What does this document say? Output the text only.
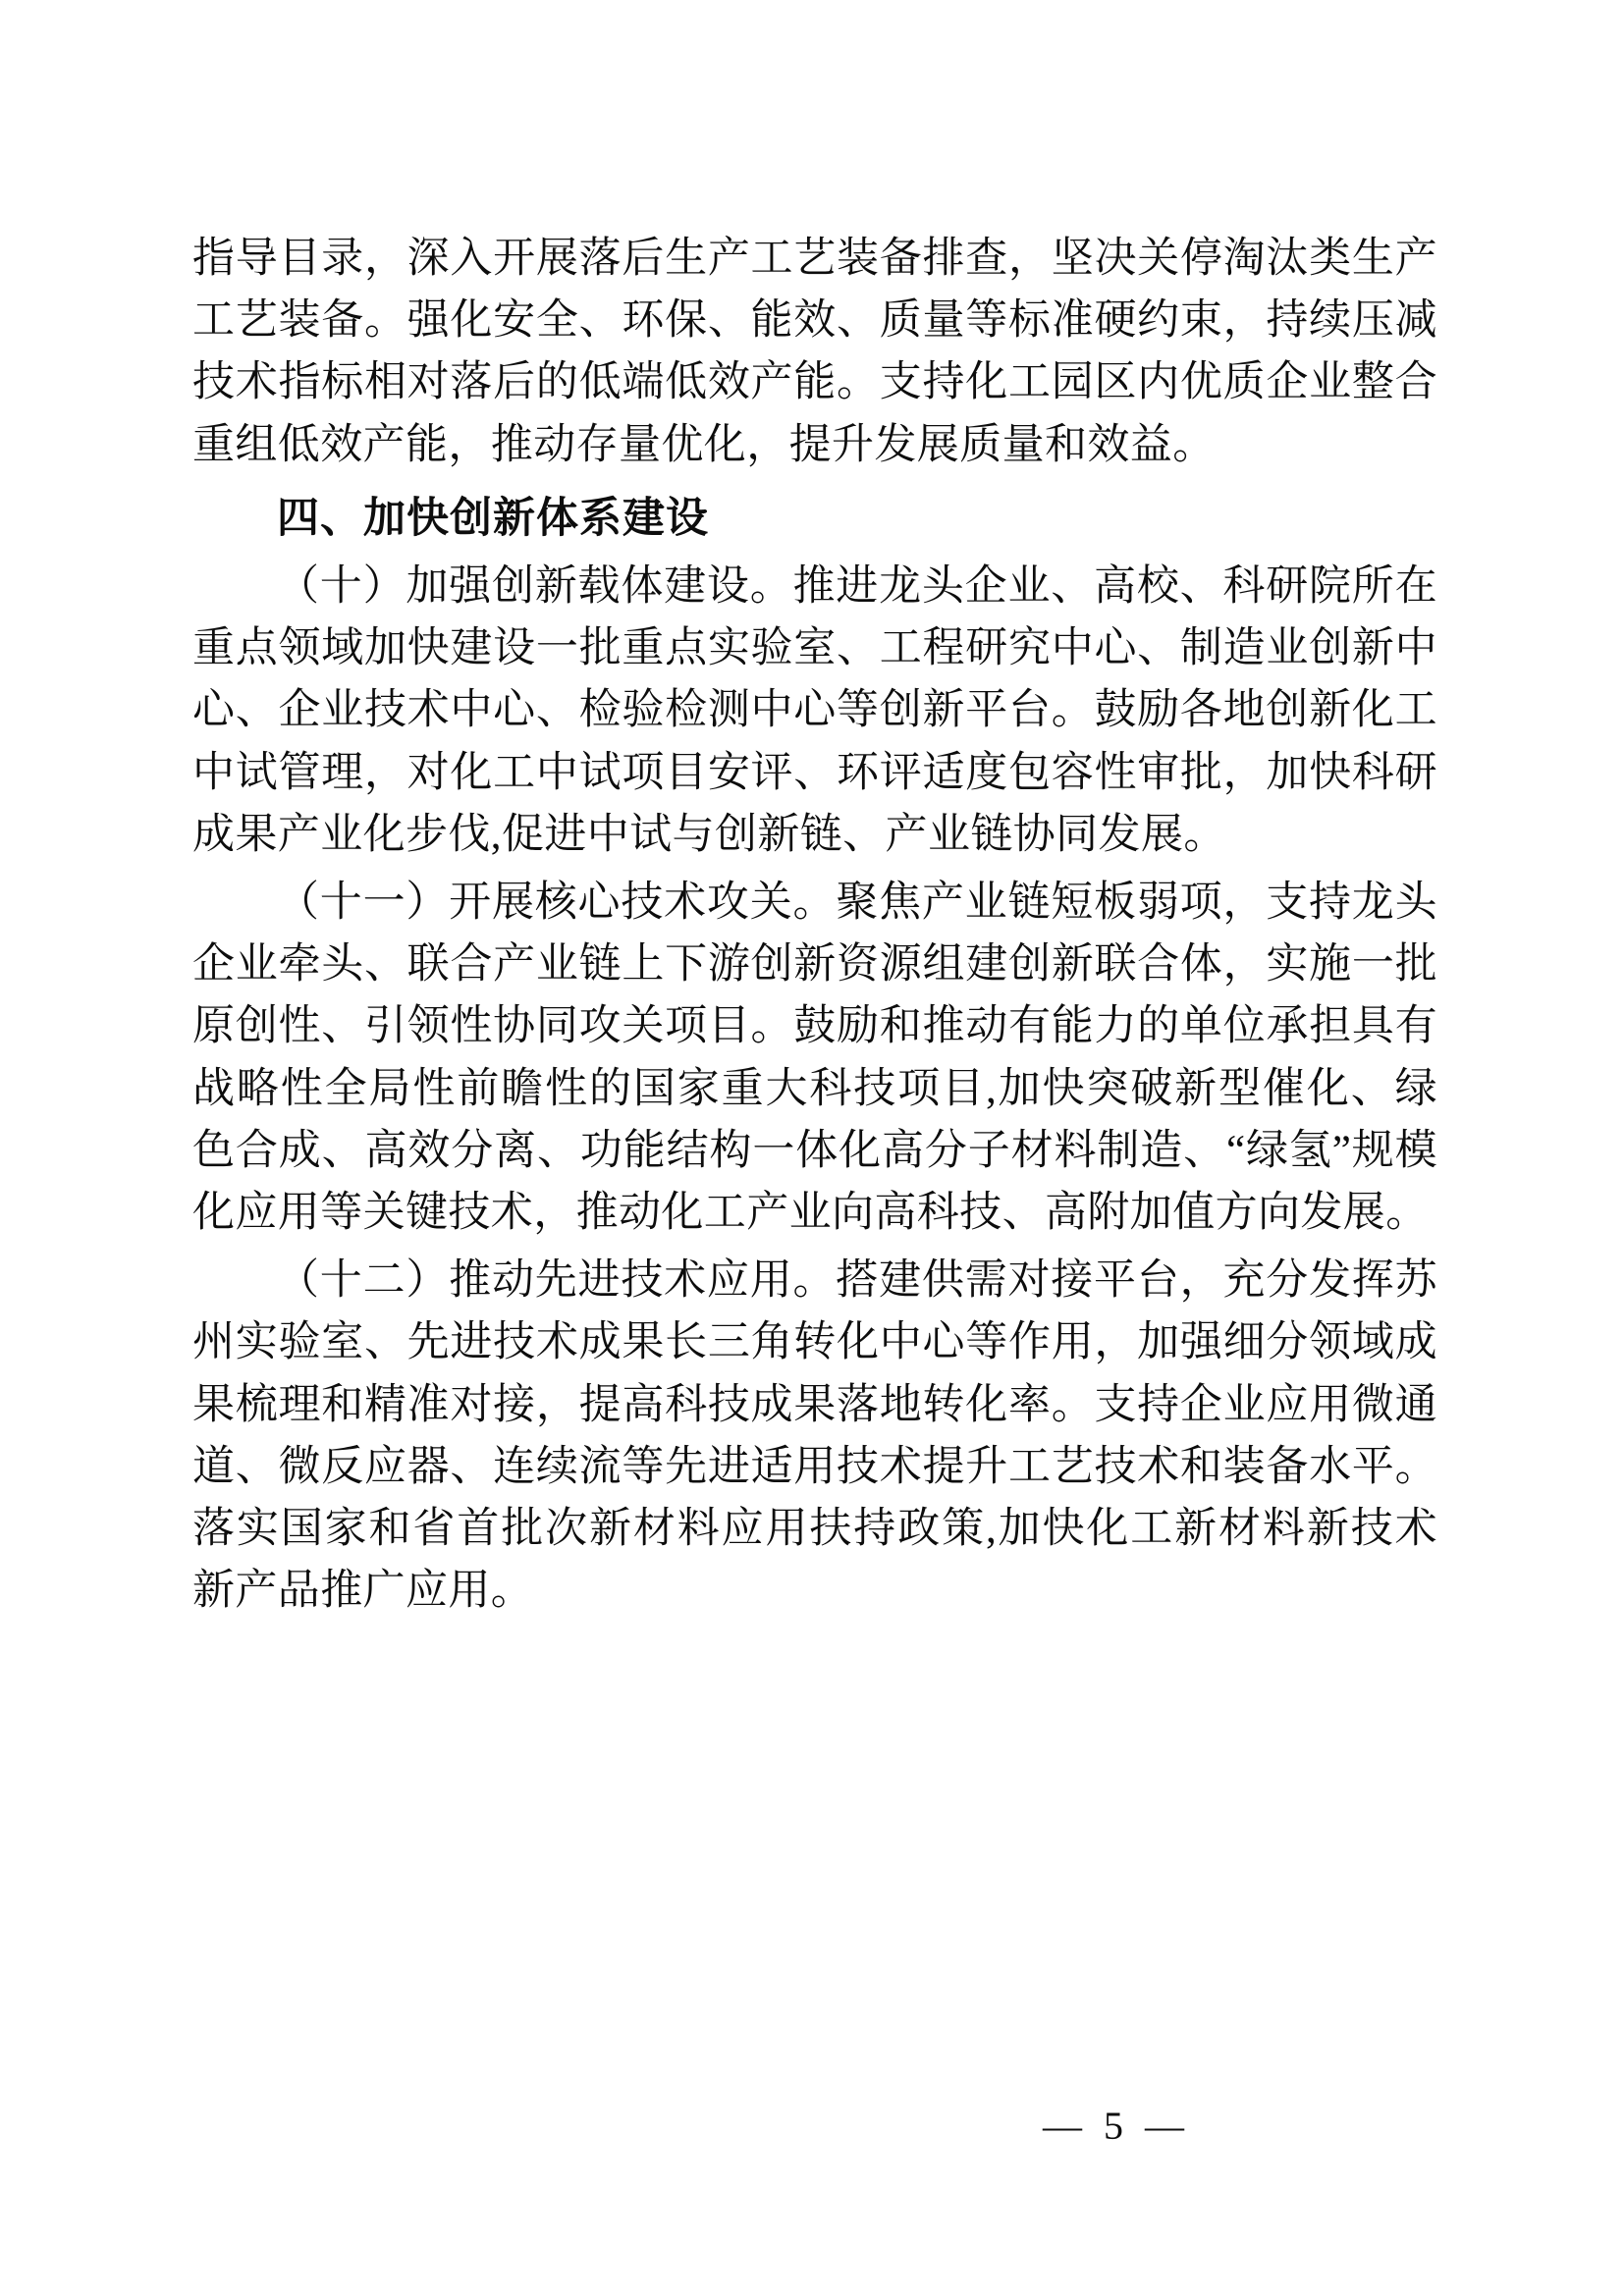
指导目录，深入开展落后生产工艺装备排查，坚决关停淘汰类生产工艺装备。强化安全、环保、能效、质量等标准硬约束，持续压减技术指标相对落后的低端低效产能。支持化工园区内优质企业整合重组低效产能，推动存量优化，提升发展质量和效益。

四、加快创新体系建设

（十）加强创新载体建设。推进龙头企业、高校、科研院所在重点领域加快建设一批重点实验室、工程研究中心、制造业创新中心、企业技术中心、检验检测中心等创新平台。鼓励各地创新化工中试管理，对化工中试项目安评、环评适度包容性审批，加快科研成果产业化步伐,促进中试与创新链、产业链协同发展。

（十一）开展核心技术攻关。聚焦产业链短板弱项，支持龙头企业牵头、联合产业链上下游创新资源组建创新联合体，实施一批原创性、引领性协同攻关项目。鼓励和推动有能力的单位承担具有战略性全局性前瞻性的国家重大科技项目,加快突破新型催化、绿色合成、高效分离、功能结构一体化高分子材料制造、“绿氢”规模化应用等关键技术，推动化工产业向高科技、高附加值方向发展。

（十二）推动先进技术应用。搭建供需对接平台，充分发挥苏州实验室、先进技术成果长三角转化中心等作用，加强细分领域成果梳理和精准对接，提高科技成果落地转化率。支持企业应用微通道、微反应器、连续流等先进适用技术提升工艺技术和装备水平。落实国家和省首批次新材料应用扶持政策,加快化工新材料新技术新产品推广应用。

— 5 —
